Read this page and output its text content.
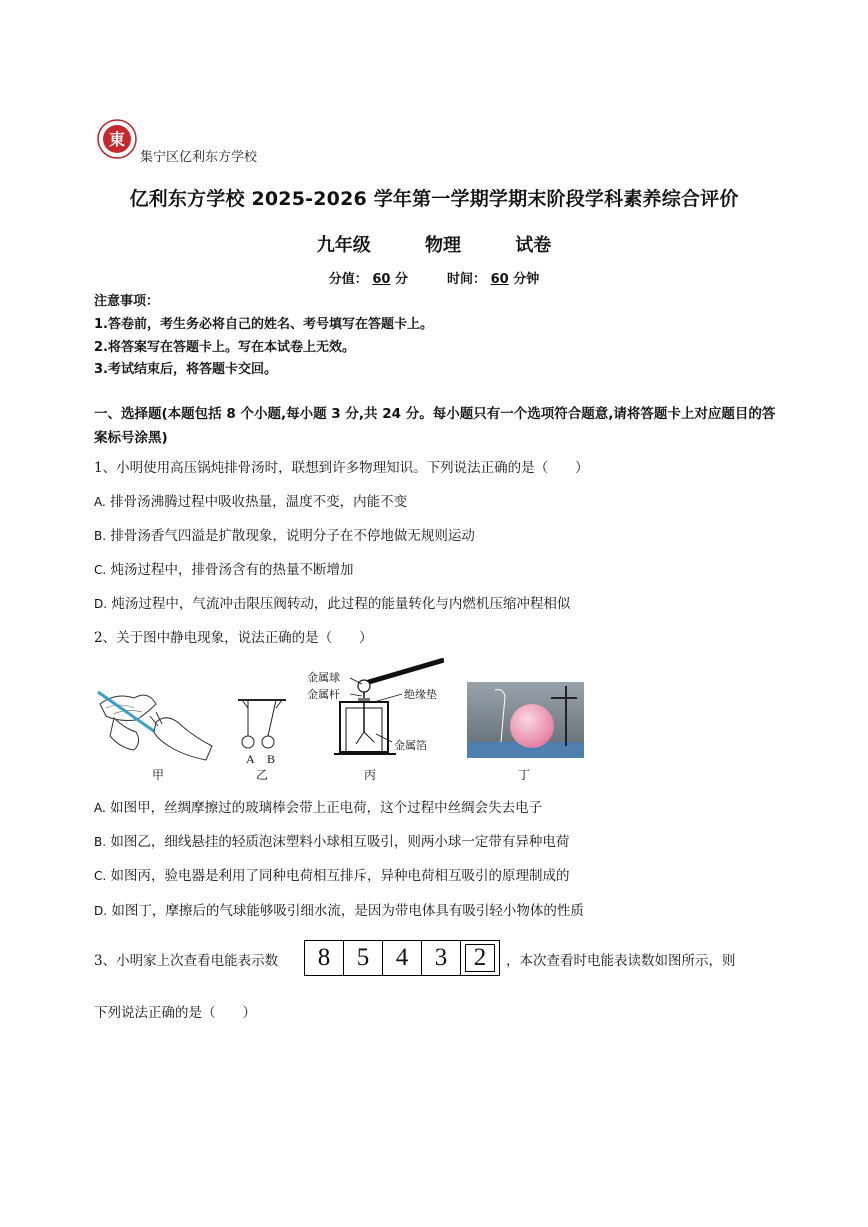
東
集宁区亿利东方学校
亿利东方学校 2025-2026 学年第一学期学期末阶段学科素养综合评价
九年级	物理	试卷
分值： 60 分	时间： 60 分钟
注意事项：
1.答卷前，考生务必将自己的姓名、考号填写在答题卡上。
2.将答案写在答题卡上。写在本试卷上无效。
3.考试结束后，将答题卡交回。
一、选择题(本题包括 8 个小题,每小题 3 分,共 24 分。每小题只有一个选项符合题意,请将答题卡上对应题目的答案标号涂黑)
1、小明使用高压锅炖排骨汤时，联想到许多物理知识。下列说法正确的是（　　）
A. 排骨汤沸腾过程中吸收热量，温度不变，内能不变
B. 排骨汤香气四溢是扩散现象，说明分子在不停地做无规则运动
C. 炖汤过程中，排骨汤含有的热量不断增加
D. 炖汤过程中，气流冲击限压阀转动，此过程的能量转化与内燃机压缩冲程相似
2、关于图中静电现象，说法正确的是（　　）
甲
A B
乙
金属球
金属杆	绝缘垫
金属箔
丙	丁
A. 如图甲，丝绸摩擦过的玻璃棒会带上正电荷，这个过程中丝绸会失去电子
B. 如图乙，细线悬挂的轻质泡沫塑料小球相互吸引，则两小球一定带有异种电荷
C. 如图丙，验电器是利用了同种电荷相互排斥，异种电荷相互吸引的原理制成的
D. 如图丁，摩擦后的气球能够吸引细水流，是因为带电体具有吸引轻小物体的性质
3、小明家上次查看电能表示数	8	5	4	3	2	，本次查看时电能表读数如图所示，则
下列说法正确的是（　　）
